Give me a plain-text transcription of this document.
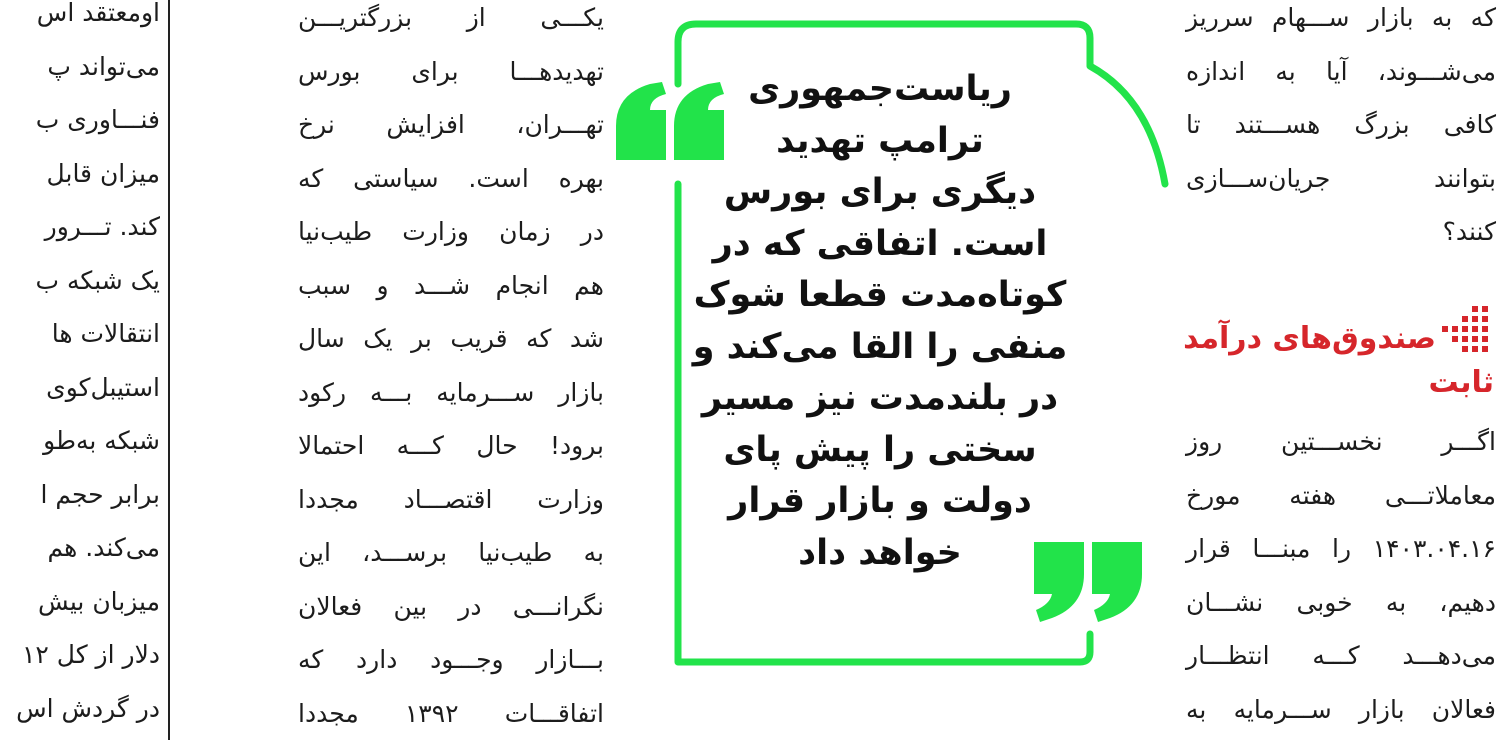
اومعتقد اس
می‌تواند پ
فنـــاوری ب
میزان قابل
کند. تـــرور
یک شبکه ب
انتقالات ها
استیبل‌کوی
شبکه به‌طو
برابر حجم ا
می‌کند. هم
میزبان بیش
دلار از کل ۱۲
در گردش اس
یکـــی از بزرگتریـــن
تهدیدهـــا برای بورس
تهـــران، افزایش نرخ
بهره است. سیاستی که
در زمان وزارت طیب‌نیا
هم انجام شـــد و سبب
شد که قریب بر یک سال
بازار ســـرمایه بـــه رکود
برود! حال کـــه احتمالا
وزارت اقتصـــاد مجددا
به طیب‌نیا برســـد، این
نگرانـــی در بین فعالان
بـــازار وجـــود دارد که
اتفاقـــات ۱۳۹۲ مجددا
ریاست‌جمهوری
ترامپ تهدید
دیگری برای بورس
است. اتفاقی که در
کوتاه‌مدت قطعا شوک
منفی را القا می‌کند و
در بلندمدت نیز مسیر
سختی را پیش پای
دولت و بازار قرار
خواهد داد
که به بازار ســـهام سرریز
می‌شـــوند، آیا به اندازه
کافی بزرگ هســـتند تا
بتوانند جریان‌ســـازی
کنند؟
صندوق‌های درآمد
ثابت
اگـــر نخســـتین روز
معاملاتـــی هفته مورخ
۱۴۰۳.۰۴.۱۶ را مبنـــا قرار
دهیم، به خوبی نشـــان
می‌دهـــد کـــه انتظـــار
فعالان بازار ســـرمایه به
